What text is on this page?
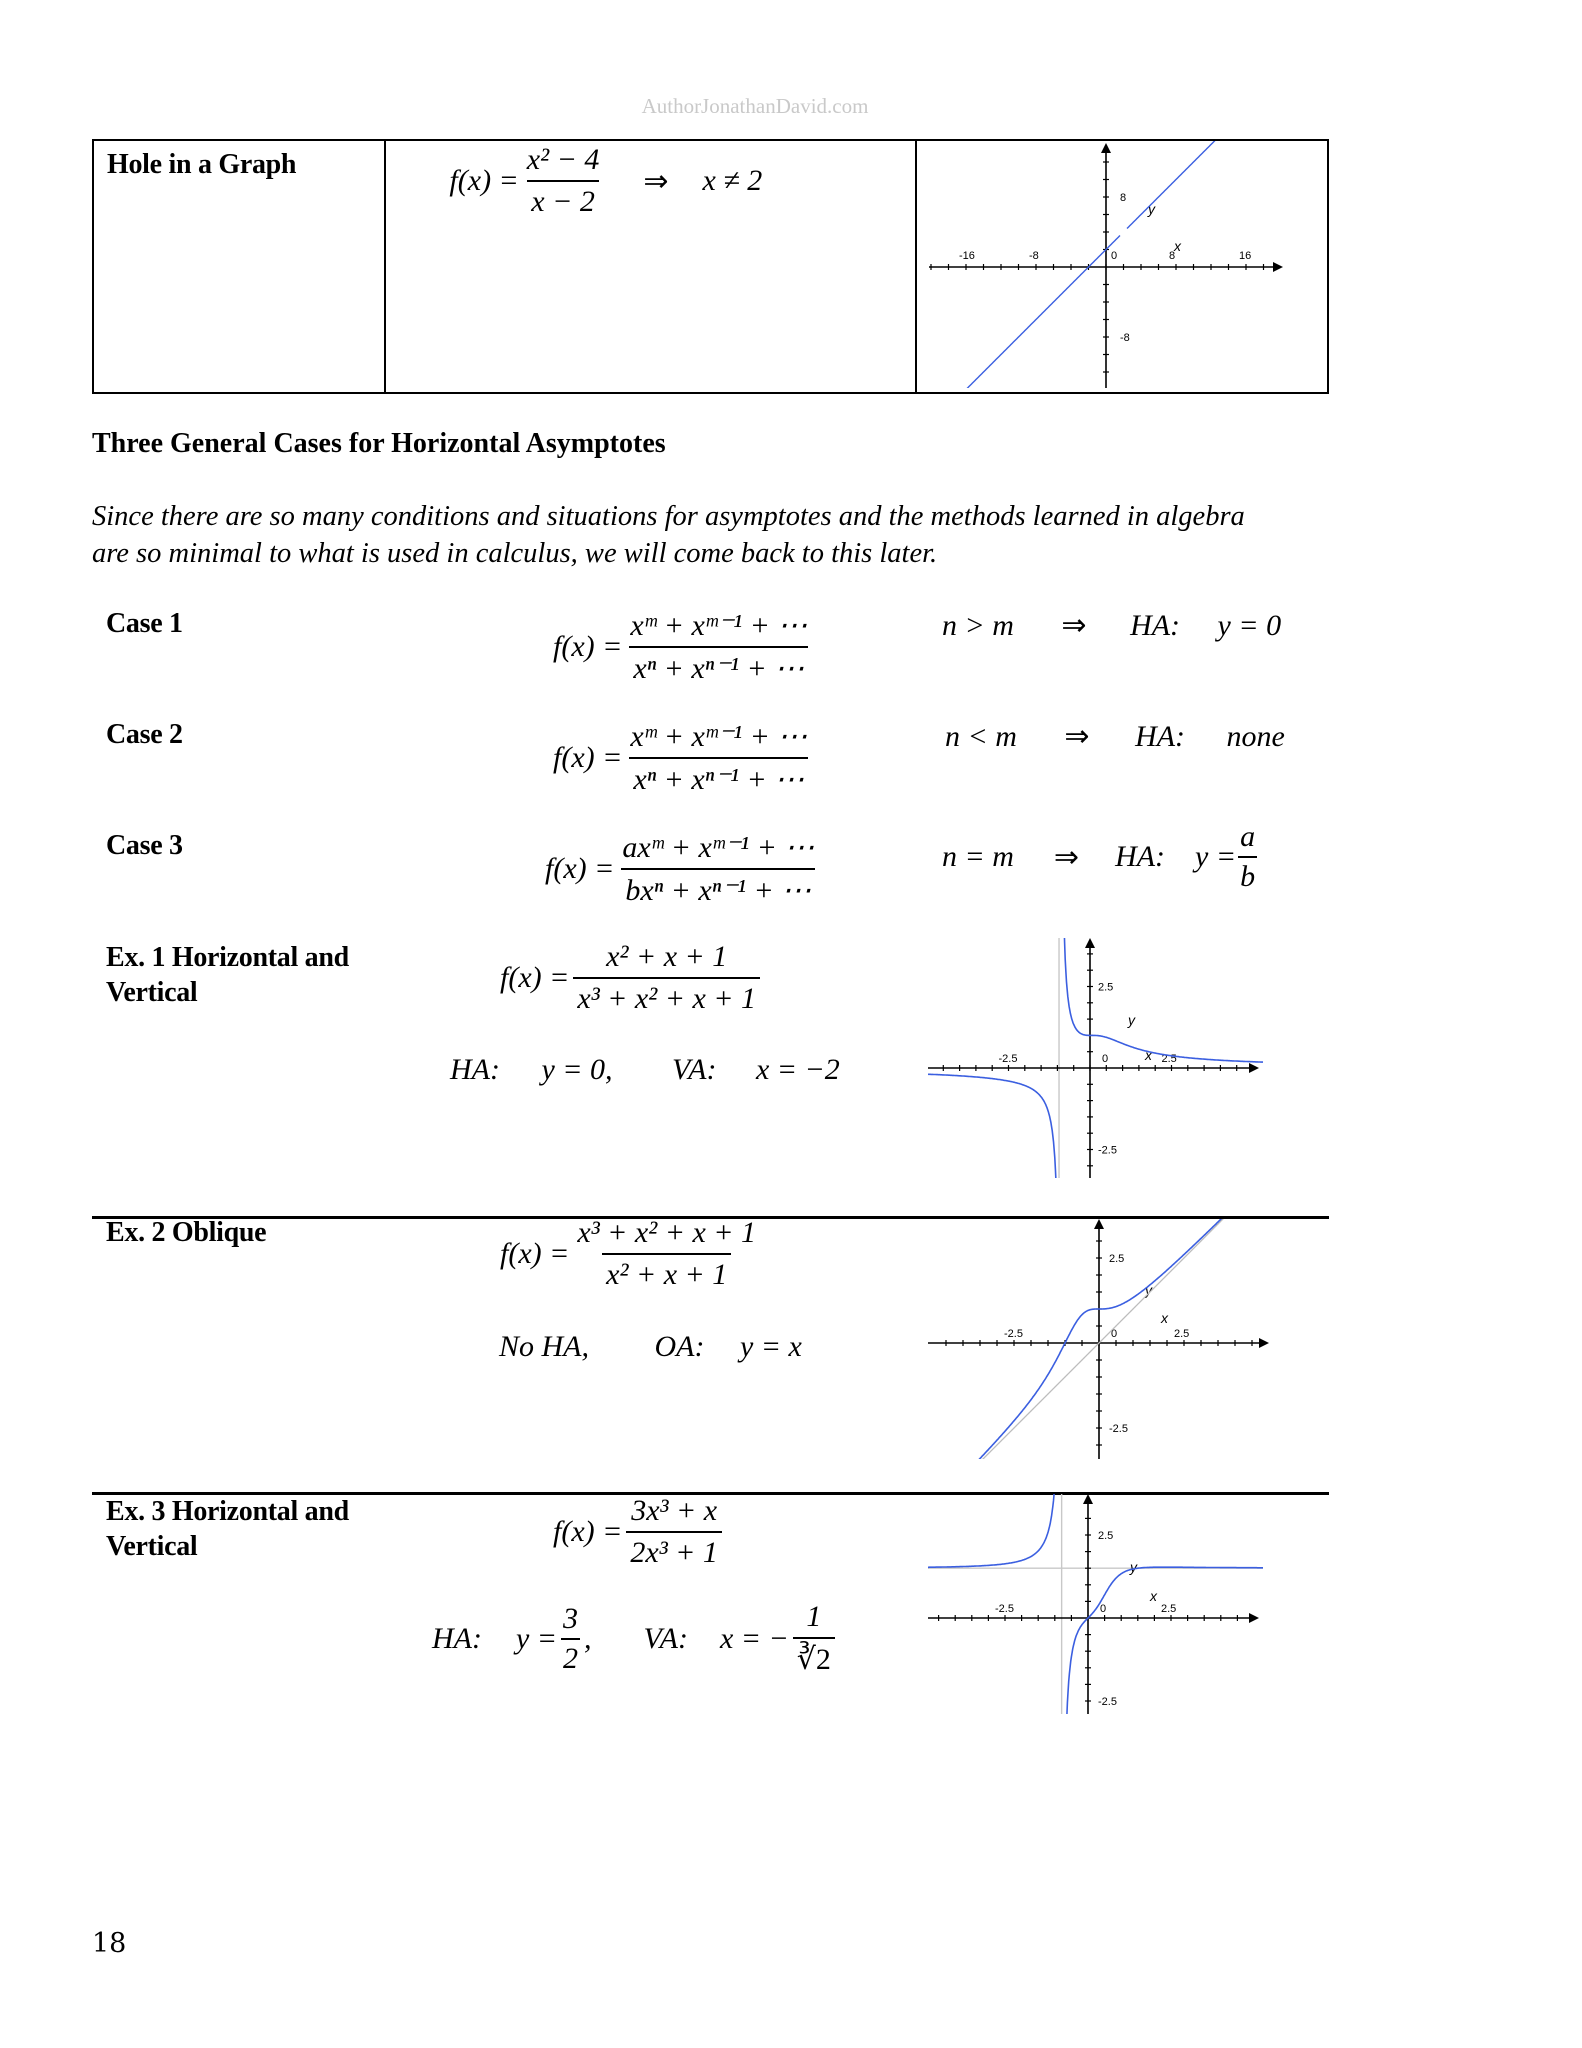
AuthorJonathanDavid.com
Hole in a Graph	$f(x) = \frac{\text{x² − 4}}{x - 2}$ ⇒ x ≠ 2

-16	-8	0	8	16
8
-8
x
y
Three General Cases for Horizontal Asymptotes
Since there are so many conditions and situations for asymptotes and the methods learned in algebra
are so minimal to what is used in calculus, we will come back to this later.
Case 1
$f(x) = \frac{\text{xᵐ + xᵐ⁻¹ + ⋯}}{\text{xⁿ + xⁿ⁻¹ + ⋯}}$	n > m ⇒ HA: y = 0
Case 2
$f(x) = \frac{\text{xᵐ + xᵐ⁻¹ + ⋯}}{\text{xⁿ + xⁿ⁻¹ + ⋯}}$	n < m ⇒ HA: none
Case 3
$f(x) = \frac{\text{axᵐ + xᵐ⁻¹ + ⋯}}{\text{bxⁿ + xⁿ⁻¹ + ⋯}}$	n = m ⇒ HA: $y = \frac{a}{b}$
Ex. 1 Horizontal and
Vertical	$f(x) = \frac{\text{x² + x + 1}}{\text{x³ + x² + x + 1}}$
HA: y = 0, VA: x = −2	-2.5	0	2.5
2.5
-2.5
x
y
Ex. 2 Oblique
$f(x) = \frac{\text{x³ + x² + x + 1}}{\text{x² + x + 1}}$
No HA, OA: y = x	-2.5	0	2.5
2.5
-2.5
x
y
Ex. 3 Horizontal and
Vertical	$f(x) = \frac{\text{3x³ + x}}{\text{2x³ + 1}}$
HA: $y = \frac{3}{2}$ , VA: x = − $\frac{1}{∛2}$	-2.5	0	2.5
2.5
-2.5
x
y
18
